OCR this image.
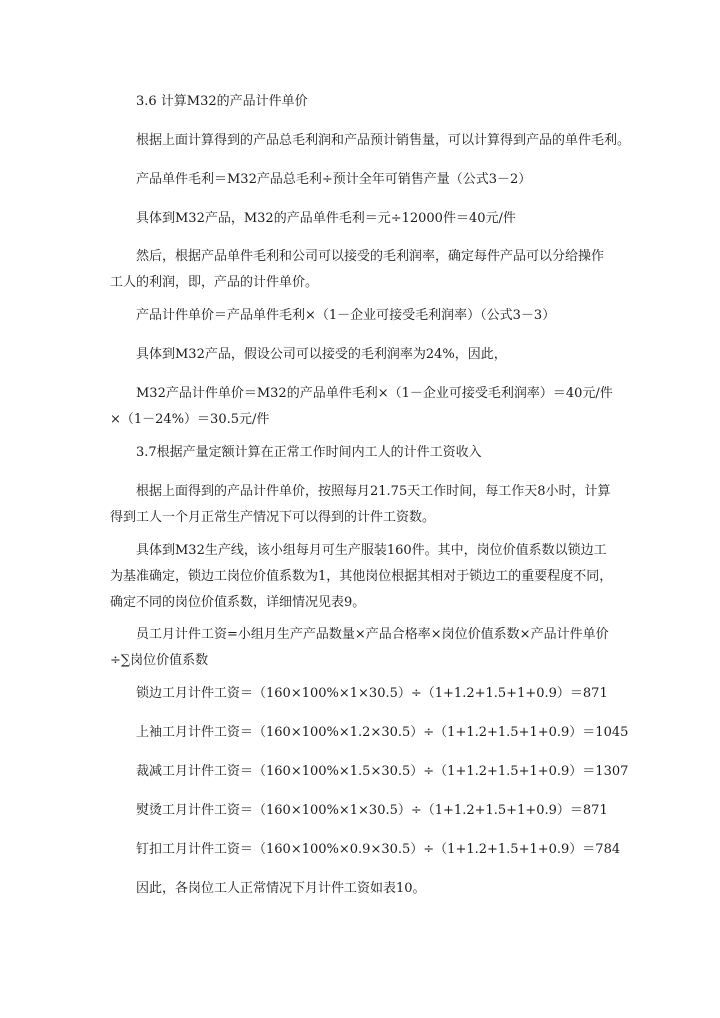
3.6 计算M32的产品计件单价
根据上面计算得到的产品总毛利润和产品预计销售量，可以计算得到产品的单件毛利。
产品单件毛利＝M32产品总毛利÷预计全年可销售产量（公式3－2）
具体到M32产品，M32的产品单件毛利＝元÷12000件＝40元/件
然后，根据产品单件毛利和公司可以接受的毛利润率，确定每件产品可以分给操作工人的利润，即，产品的计件单价。
产品计件单价＝产品单件毛利×（1－企业可接受毛利润率）（公式3－3）
具体到M32产品，假设公司可以接受的毛利润率为24%，因此，
M32产品计件单价＝M32的产品单件毛利×（1－企业可接受毛利润率）＝40元/件×（1－24%）＝30.5元/件
3.7根据产量定额计算在正常工作时间内工人的计件工资收入
根据上面得到的产品计件单价，按照每月21.75天工作时间，每工作天8小时，计算得到工人一个月正常生产情况下可以得到的计件工资数。
具体到M32生产线，该小组每月可生产服装160件。其中，岗位价值系数以锁边工为基准确定，锁边工岗位价值系数为1，其他岗位根据其相对于锁边工的重要程度不同，确定不同的岗位价值系数，详细情况见表9。
员工月计件工资=小组月生产产品数量×产品合格率×岗位价值系数×产品计件单价÷∑岗位价值系数
锁边工月计件工资＝（160×100%×1×30.5）÷（1+1.2+1.5+1+0.9）＝871
上袖工月计件工资＝（160×100%×1.2×30.5）÷（1+1.2+1.5+1+0.9）＝1045
裁减工月计件工资＝（160×100%×1.5×30.5）÷（1+1.2+1.5+1+0.9）＝1307
熨烫工月计件工资＝（160×100%×1×30.5）÷（1+1.2+1.5+1+0.9）＝871
钉扣工月计件工资＝（160×100%×0.9×30.5）÷（1+1.2+1.5+1+0.9）＝784
因此，各岗位工人正常情况下月计件工资如表10。
